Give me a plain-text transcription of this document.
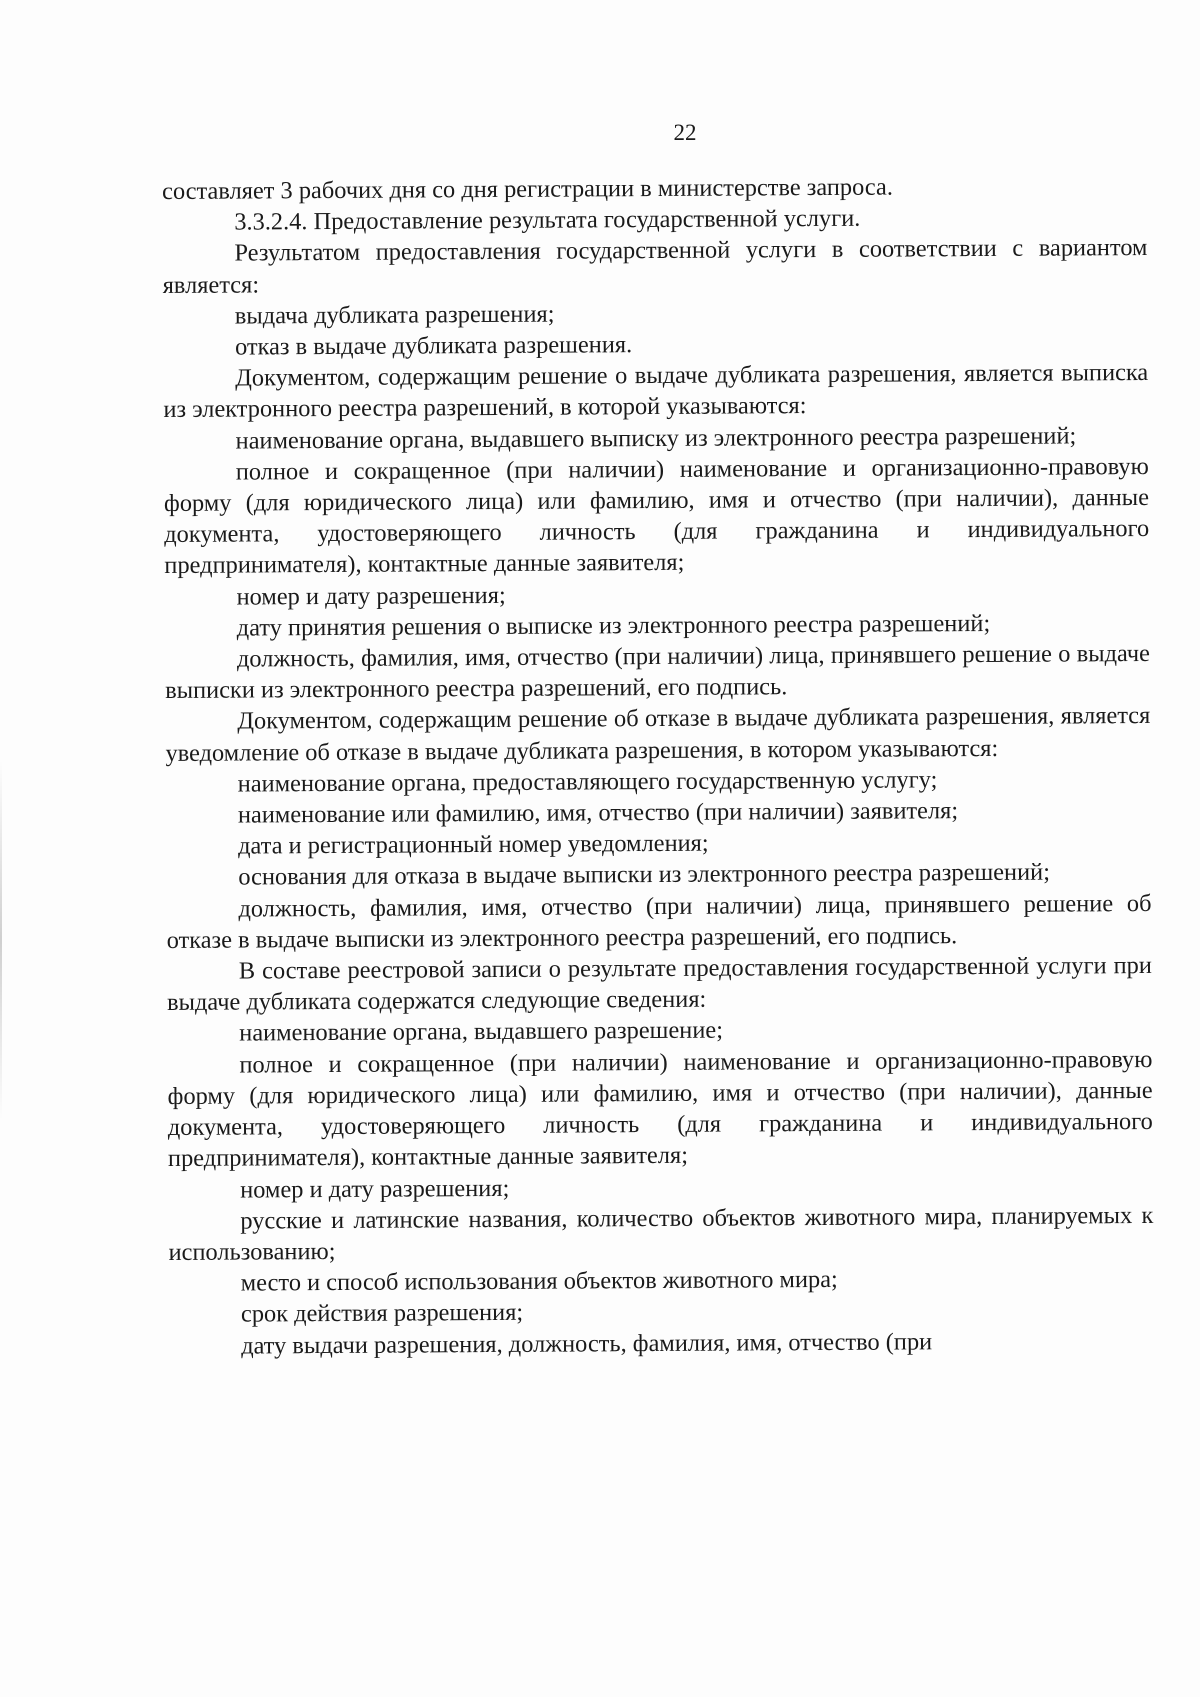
22

составляет 3 рабочих дня со дня регистрации в министерстве запроса.

3.3.2.4. Предоставление результата государственной услуги.

Результатом предоставления государственной услуги в соответствии с вариантом является:

выдача дубликата разрешения;

отказ в выдаче дубликата разрешения.

Документом, содержащим решение о выдаче дубликата разрешения, является выписка из электронного реестра разрешений, в которой указываются:

наименование органа, выдавшего выписку из электронного реестра разрешений;

полное и сокращенное (при наличии) наименование и организационно-правовую форму (для юридического лица) или фамилию, имя и отчество (при наличии), данные документа, удостоверяющего личность (для гражданина и индивидуального предпринимателя), контактные данные заявителя;

номер и дату разрешения;

дату принятия решения о выписке из электронного реестра разрешений;

должность, фамилия, имя, отчество (при наличии) лица, принявшего решение о выдаче выписки из электронного реестра разрешений, его подпись.

Документом, содержащим решение об отказе в выдаче дубликата разрешения, является уведомление об отказе в выдаче дубликата разрешения, в котором указываются:

наименование органа, предоставляющего государственную услугу;

наименование или фамилию, имя, отчество (при наличии) заявителя;

дата и регистрационный номер уведомления;

основания для отказа в выдаче выписки из электронного реестра разрешений;

должность, фамилия, имя, отчество (при наличии) лица, принявшего решение об отказе в выдаче выписки из электронного реестра разрешений, его подпись.

В составе реестровой записи о результате предоставления государственной услуги при выдаче дубликата содержатся следующие сведения:

наименование органа, выдавшего разрешение;

полное и сокращенное (при наличии) наименование и организационно-правовую форму (для юридического лица) или фамилию, имя и отчество (при наличии), данные документа, удостоверяющего личность (для гражданина и индивидуального предпринимателя), контактные данные заявителя;

номер и дату разрешения;

русские и латинские названия, количество объектов животного мира, планируемых к использованию;

место и способ использования объектов животного мира;

срок действия разрешения;

дату выдачи разрешения, должность, фамилия, имя, отчество (при
